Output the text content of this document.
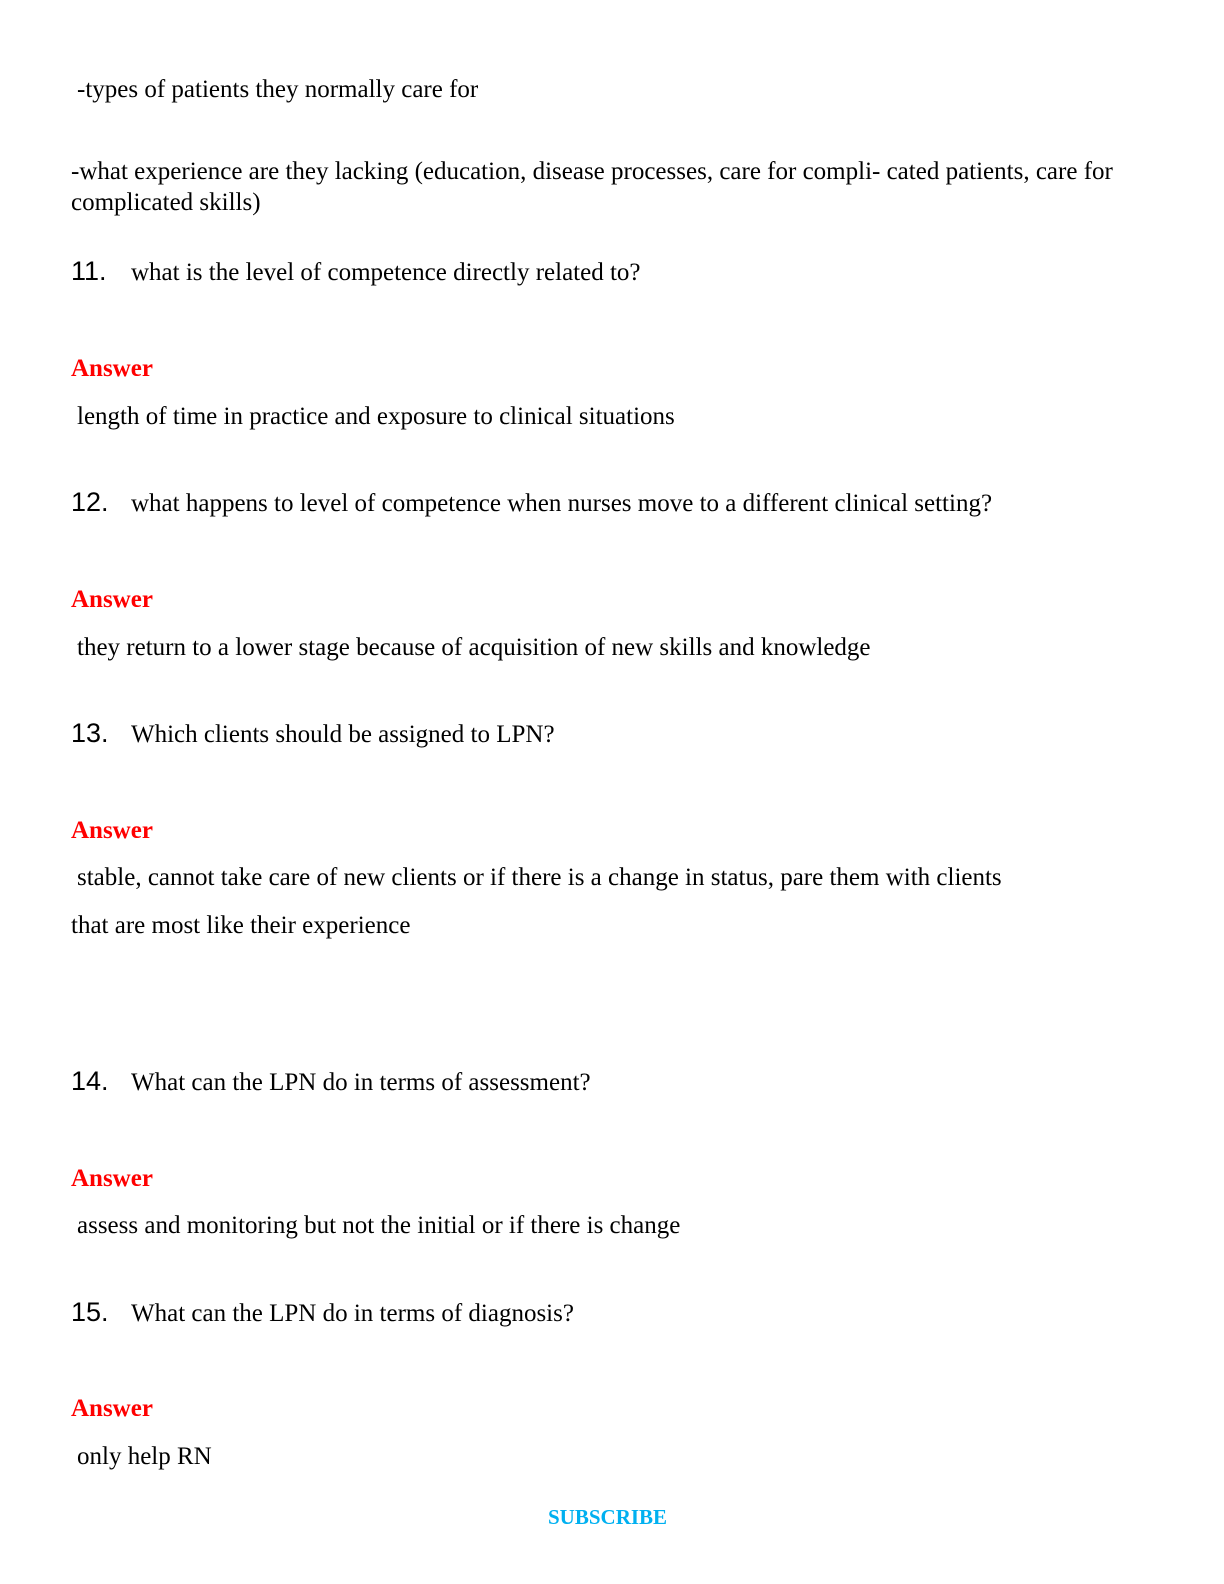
-types of patients they normally care for

-what experience are they lacking (education, disease processes, care for compli- cated patients, care for complicated skills)

11. what is the level of competence directly related to?

Answer

length of time in practice and exposure to clinical situations

12. what happens to level of competence when nurses move to a different clinical setting?

Answer

they return to a lower stage because of acquisition of new skills and knowledge

13. Which clients should be assigned to LPN?

Answer

stable, cannot take care of new clients or if there is a change in status, pare them with clients

that are most like their experience

14. What can the LPN do in terms of assessment?

Answer

assess and monitoring but not the initial or if there is change

15. What can the LPN do in terms of diagnosis?

Answer

only help RN

SUBSCRIBE
